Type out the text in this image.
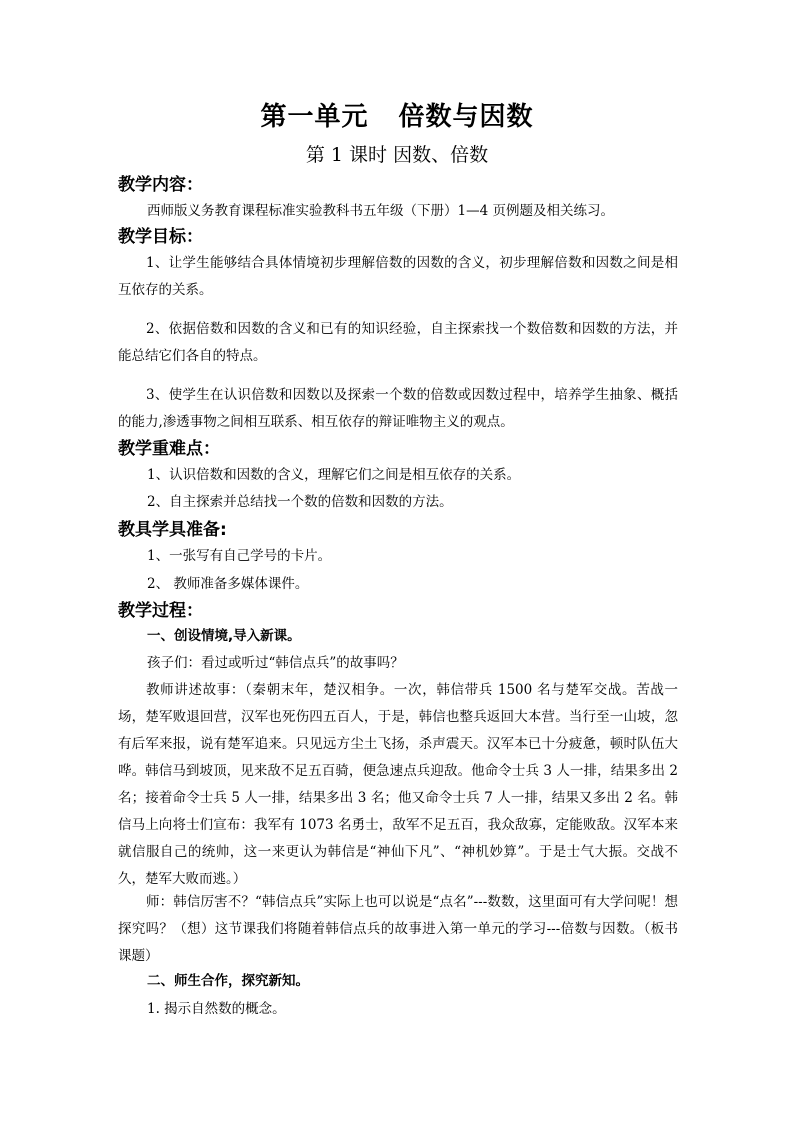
第一单元 倍数与因数
第 1 课时 因数、倍数
教学内容：
西师版义务教育课程标准实验教科书五年级（下册）1—4 页例题及相关练习。
教学目标：
1、让学生能够结合具体情境初步理解倍数的因数的含义，初步理解倍数和因数之间是相互依存的关系。
2、依据倍数和因数的含义和已有的知识经验，自主探索找一个数倍数和因数的方法，并能总结它们各自的特点。
3、使学生在认识倍数和因数以及探索一个数的倍数或因数过程中，培养学生抽象、概括的能力,渗透事物之间相互联系、相互依存的辩证唯物主义的观点。
教学重难点：
1、认识倍数和因数的含义，理解它们之间是相互依存的关系。
2、自主探索并总结找一个数的倍数和因数的方法。
教具学具准备:
1、一张写有自己学号的卡片。
2、 教师准备多媒体课件。
教学过程：
一、创设情境,导入新课。
孩子们：看过或听过“韩信点兵”的故事吗？
教师讲述故事：（秦朝末年，楚汉相争。一次，韩信带兵 1500 名与楚军交战。苦战一场，楚军败退回营，汉军也死伤四五百人，于是，韩信也整兵返回大本营。当行至一山坡，忽有后军来报，说有楚军追来。只见远方尘土飞扬，杀声震天。汉军本已十分疲惫，顿时队伍大哗。韩信马到坡顶，见来敌不足五百骑，便急速点兵迎敌。他命令士兵 3 人一排，结果多出 2 名；接着命令士兵 5 人一排，结果多出 3 名；他又命令士兵 7 人一排，结果又多出 2 名。韩信马上向将士们宣布：我军有 1073 名勇士，敌军不足五百，我众敌寡，定能败敌。汉军本来就信服自己的统帅，这一来更认为韩信是“神仙下凡”、“神机妙算”。于是士气大振。交战不久，楚军大败而逃。）
师：韩信厉害不？“韩信点兵”实际上也可以说是“点名”---数数，这里面可有大学问呢！想探究吗？（想）这节课我们将随着韩信点兵的故事进入第一单元的学习---倍数与因数。（板书课题）
二、师生合作，探究新知。
1. 揭示自然数的概念。
